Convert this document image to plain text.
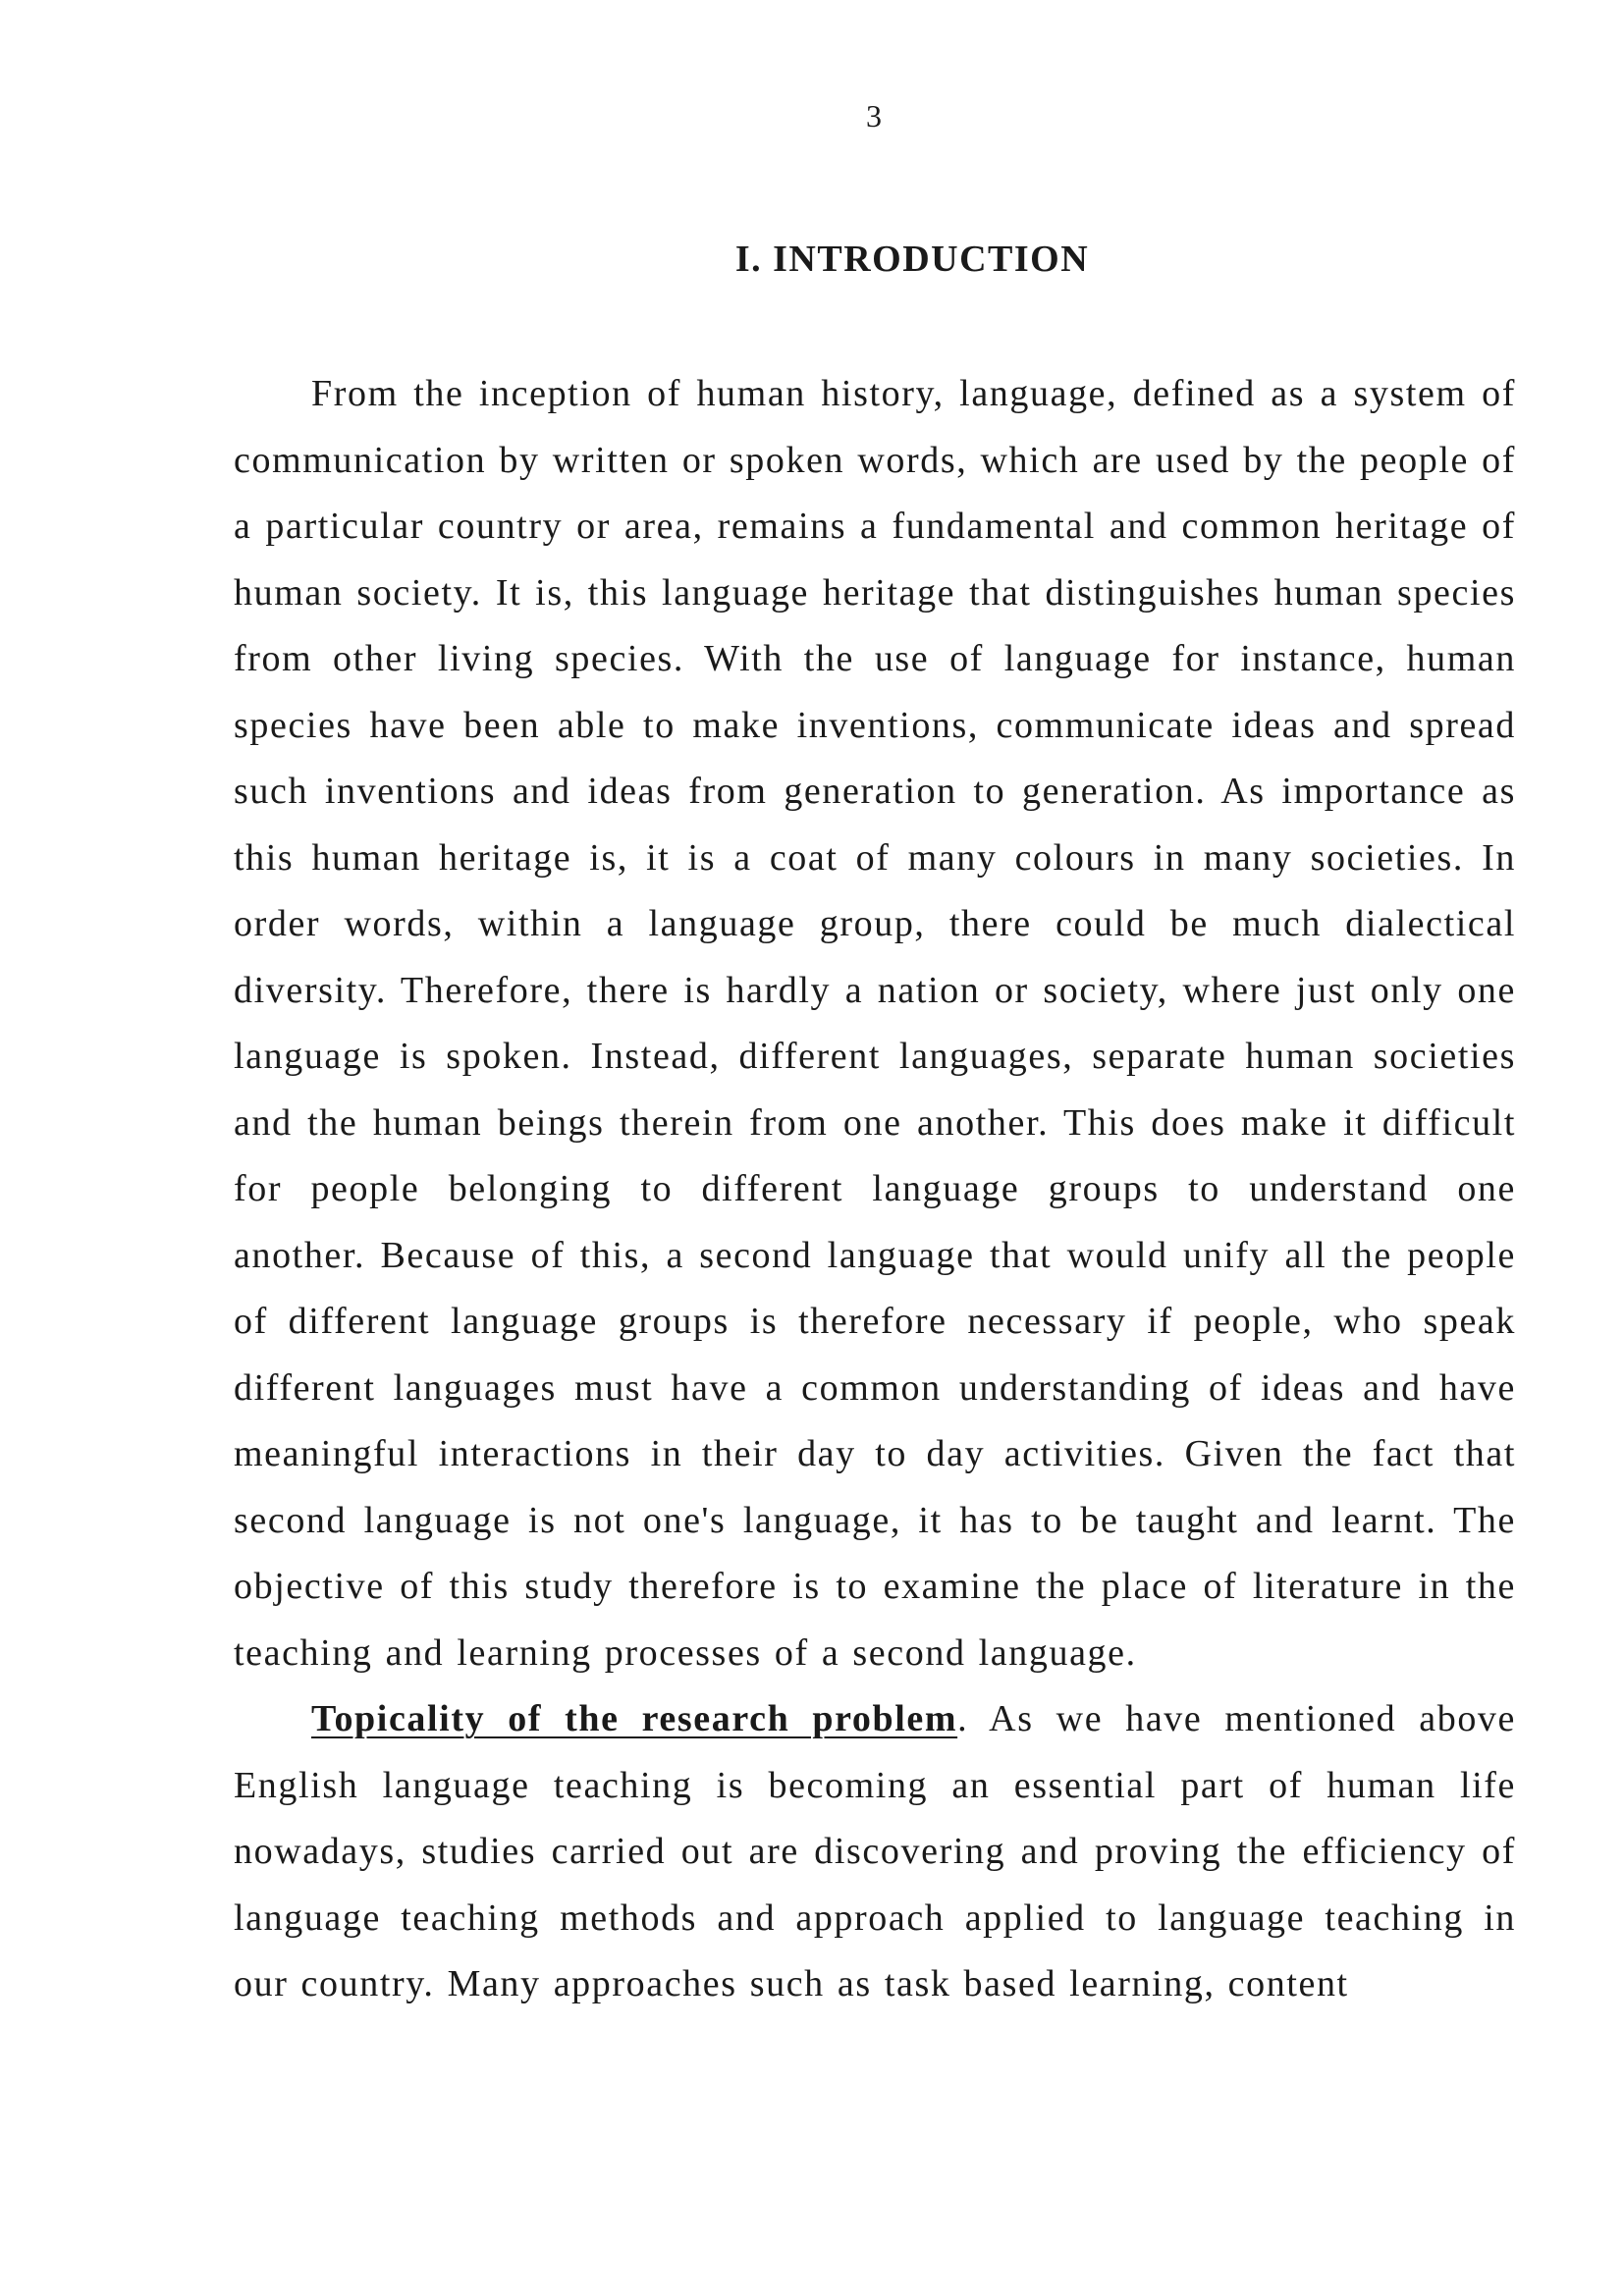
3
I. INTRODUCTION

From the inception of human history, language, defined as a system of communication by written or spoken words, which are used by the people of a particular country or area, remains a fundamental and common heritage of human society. It is, this language heritage that distinguishes human species from other living species. With the use of language for instance, human species have been able to make inventions, communicate ideas and spread such inventions and ideas from generation to generation. As importance as this human heritage is, it is a coat of many colours in many societies. In order words, within a language group, there could be much dialectical diversity. Therefore, there is hardly a nation or society, where just only one language is spoken. Instead, different languages, separate human societies and the human beings therein from one another. This does make it difficult for people belonging to different language groups to understand one another. Because of this, a second language that would unify all the people of different language groups is therefore necessary if people, who speak different languages must have a common understanding of ideas and have meaningful interactions in their day to day activities. Given the fact that second language is not one's language, it has to be taught and learnt. The objective of this study therefore is to examine the place of literature in the teaching and learning processes of a second language.

Topicality of the research problem. As we have mentioned above English language teaching is becoming an essential part of human life nowadays, studies carried out are discovering and proving the efficiency of language teaching methods and approach applied to language teaching in our country. Many approaches such as task based learning, content
